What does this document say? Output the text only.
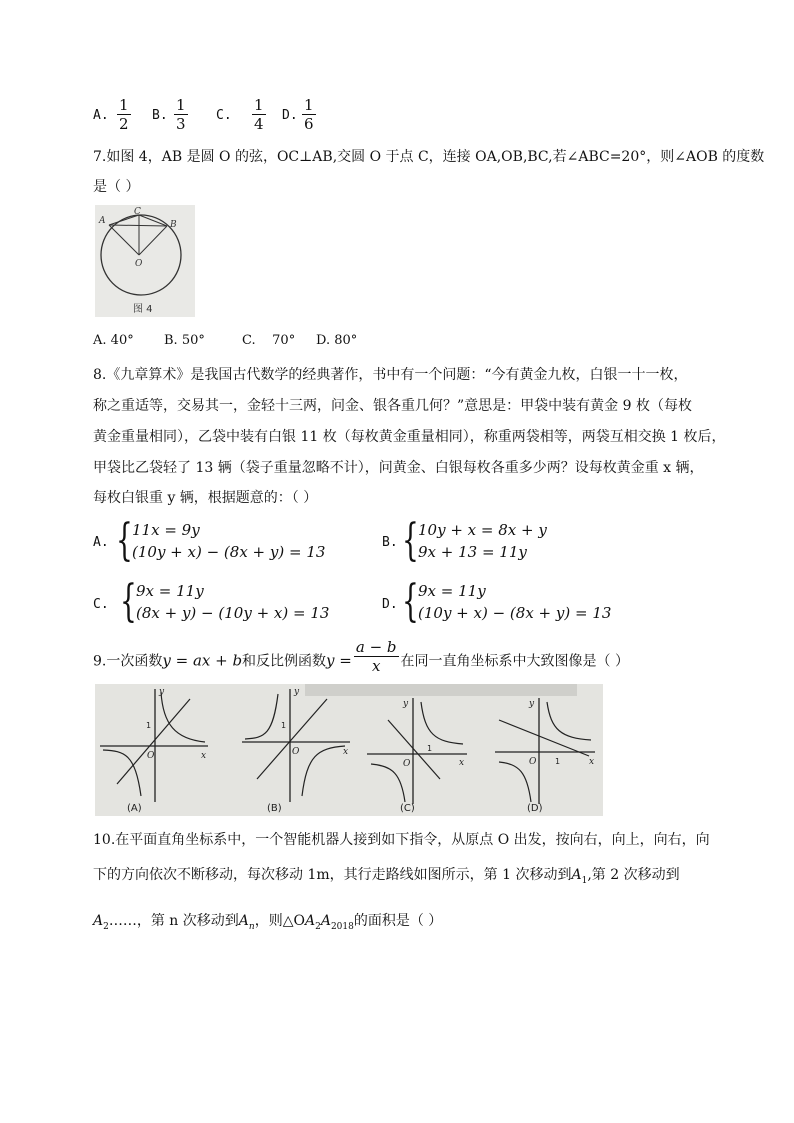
A. $\frac{1}{2} B$. $\frac{1}{3} C$. $\frac{1}{4} D$. $\frac{1}{6}$
7.如图 4，AB 是圆 O 的弦，OC⊥AB,交圆 O 于点 C，连接 OA,OB,BC,若∠ABC=20°，则∠AOB 的度数
是（ ）
A
C
B
O
图 4
A. 40° B. 50°	C. 70° D. 80°
8.《九章算术》是我国古代数学的经典著作，书中有一个问题：“今有黄金九枚，白银一十一枚，
称之重适等，交易其一，金轻十三两，问金、银各重几何？”意思是：甲袋中装有黄金 9 枚（每枚
黄金重量相同），乙袋中装有白银 11 枚（每枚黄金重量相同），称重两袋相等，两袋互相交换 1 枚后，
甲袋比乙袋轻了 13 辆（袋子重量忽略不计），问黄金、白银每枚各重多少两？设每枚黄金重 x 辆，
每枚白银重 y 辆，根据题意的：（ ）
A. { 11x = 9y
(10y + x) − (8x + y) = 13
B. { 10y + x = 8x + y
9x + 13 = 11y
C. { 9x = 11y
(8x + y) − (10y + x) = 13	D. { 9x = 11y
(10y + x) − (8x + y) = 13
9.一次函数y = ax + b和反比例函数$y = \frac{a - b}{x}$ 在同一直角坐标系中大致图像是（ ）
y
x
O
1
(A)
y
x
O
1
(B)
y
x
O
1
(C)
y
x
O 1
(D)
10.在平面直角坐标系中，一个智能机器人接到如下指令，从原点 O 出发，按向右，向上，向右，向
下的方向依次不断移动，每次移动 1m，其行走路线如图所示，第 1 次移动到$A_1$,第 2 次移动到
$A_2\dots\dots$，第 n 次移动到$A_n$，则$\triangle OA_2A_{2018}$的面积是（ ）
